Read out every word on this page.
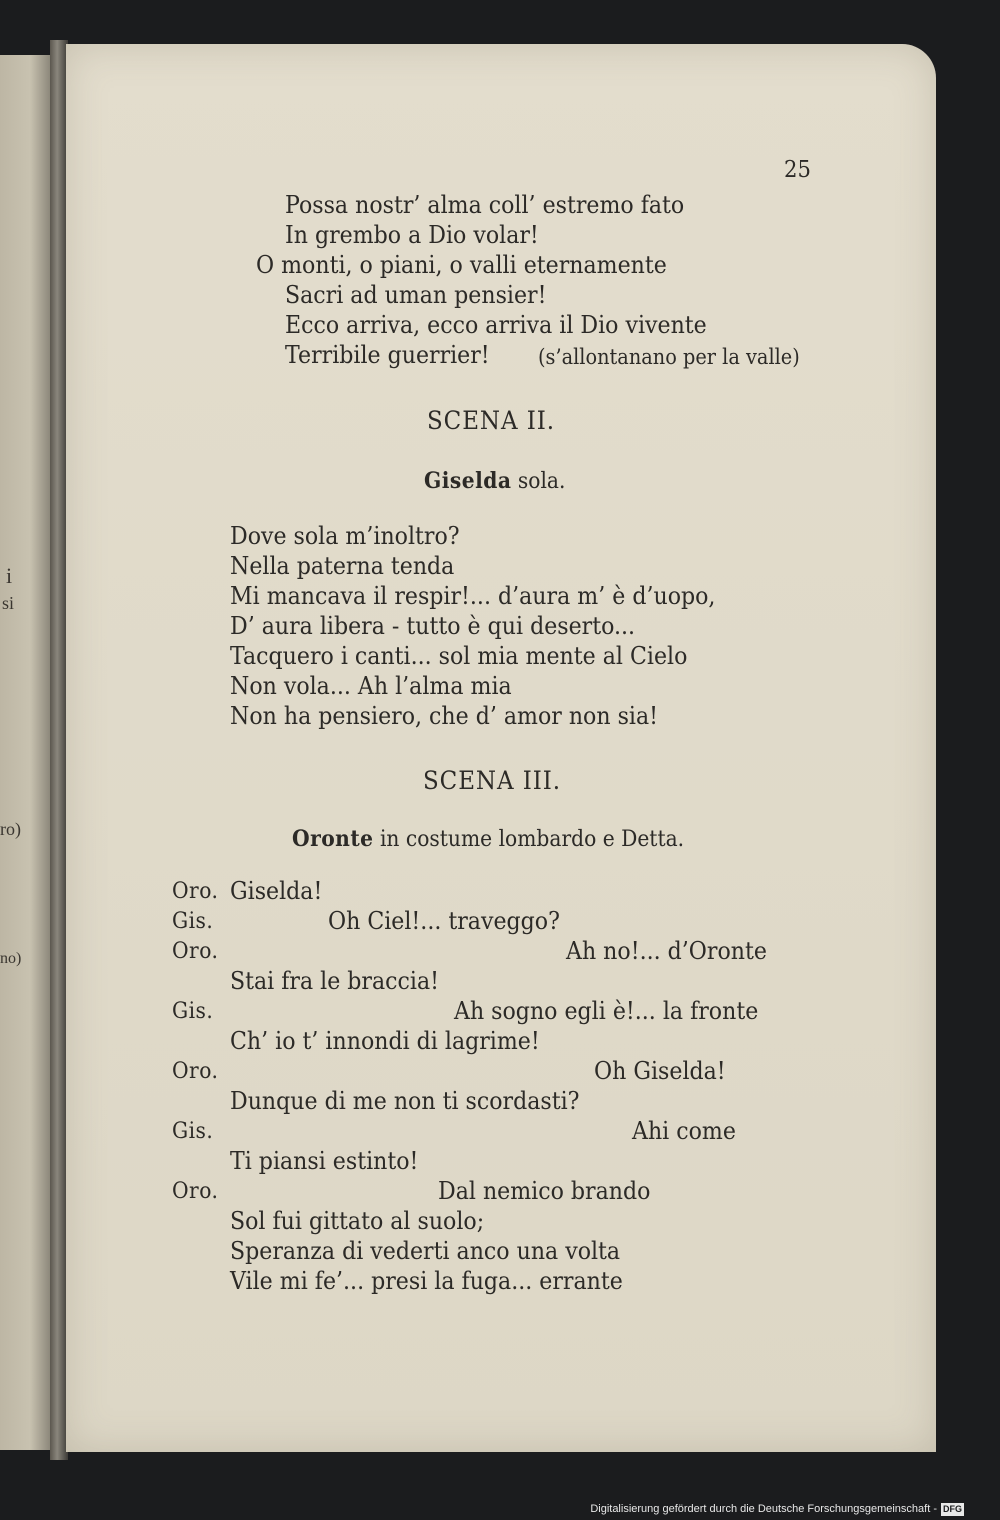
i
si
ro)
no)
25
Possa nostr’ alma coll’ estremo fato
In grembo a Dio volar!
O monti, o piani, o valli eternamente
Sacri ad uman pensier!
Ecco arriva, ecco arriva il Dio vivente
Terribile guerrier! (s’allontanano per la valle)
SCENA II.
Giselda sola.
Dove sola m’inoltro?
Nella paterna tenda
Mi mancava il respir!... d’aura m’ è d’uopo,
D’ aura libera - tutto è qui deserto...
Tacquero i canti... sol mia mente al Cielo
Non vola... Ah l’alma mia
Non ha pensiero, che d’ amor non sia!
SCENA III.
Oronte in costume lombardo e Detta.
Oro. Giselda!
Gis.	Oh Ciel!... traveggo?
Oro.	Ah no!... d’Oronte
Stai fra le braccia!
Gis.	Ah sogno egli è!... la fronte
Ch’ io t’ innondi di lagrime!
Oro.	Oh Giselda!
Dunque di me non ti scordasti?
Gis.	Ahi come
Ti piansi estinto!
Oro.	Dal nemico brando
Sol fui gittato al suolo;
Speranza di vederti anco una volta
Vile mi fe’... presi la fuga... errante
Digitalisierung gefördert durch die Deutsche Forschungsgemeinschaft - DFG
